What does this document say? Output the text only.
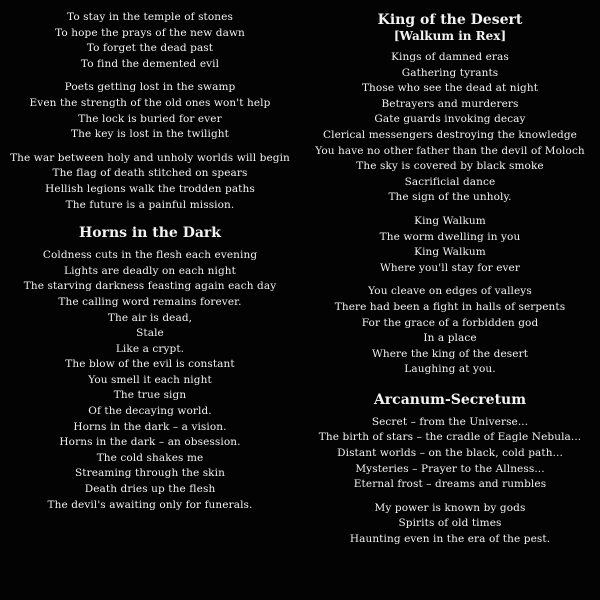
To stay in the temple of stones
To hope the prays of the new dawn
To forget the dead past
To find the demented evil
Poets getting lost in the swamp
Even the strength of the old ones won't help
The lock is buried for ever
The key is lost in the twilight
The war between holy and unholy worlds will begin
The flag of death stitched on spears
Hellish legions walk the trodden paths
The future is a painful mission.
Horns in the Dark
Coldness cuts in the flesh each evening
Lights are deadly on each night
The starving darkness feasting again each day
The calling word remains forever.
The air is dead,
Stale
Like a crypt.
The blow of the evil is constant
You smell it each night
The true sign
Of the decaying world.
Horns in the dark – a vision.
Horns in the dark – an obsession.
The cold shakes me
Streaming through the skin
Death dries up the flesh
The devil's awaiting only for funerals.
King of the Desert
[Walkum in Rex]
Kings of damned eras
Gathering tyrants
Those who see the dead at night
Betrayers and murderers
Gate guards invoking decay
Clerical messengers destroying the knowledge
You have no other father than the devil of Moloch
The sky is covered by black smoke
Sacrificial dance
The sign of the unholy.
King Walkum
The worm dwelling in you
King Walkum
Where you'll stay for ever
You cleave on edges of valleys
There had been a fight in halls of serpents
For the grace of a forbidden god
In a place
Where the king of the desert
Laughing at you.
Arcanum-Secretum
Secret – from the Universe...
The birth of stars – the cradle of Eagle Nebula...
Distant worlds – on the black, cold path...
Mysteries – Prayer to the Allness...
Eternal frost – dreams and rumbles
My power is known by gods
Spirits of old times
Haunting even in the era of the pest.
